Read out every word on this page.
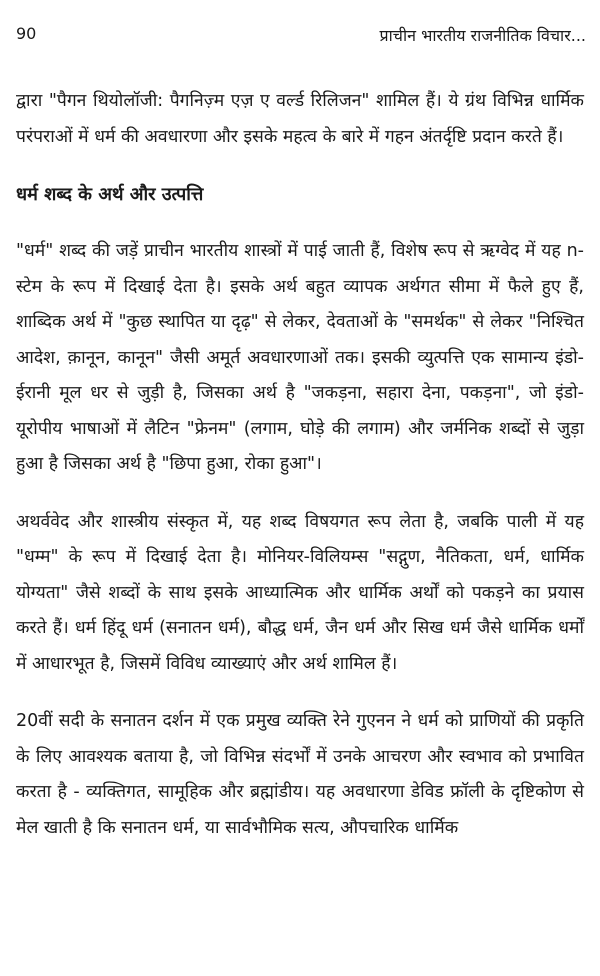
90	प्राचीन भारतीय राजनीतिक विचार...

द्वारा "पैगन थियोलॉजी: पैगनिज़्म एज़ ए वर्ल्ड रिलिजन" शामिल हैं। ये ग्रंथ विभिन्न धार्मिक परंपराओं में धर्म की अवधारणा और इसके महत्व के बारे में गहन अंतर्दृष्टि प्रदान करते हैं।

धर्म शब्द के अर्थ और उत्पत्ति

"धर्म" शब्द की जड़ें प्राचीन भारतीय शास्त्रों में पाई जाती हैं, विशेष रूप से ऋग्वेद में यह n-स्टेम के रूप में दिखाई देता है। इसके अर्थ बहुत व्यापक अर्थगत सीमा में फैले हुए हैं, शाब्दिक अर्थ में "कुछ स्थापित या दृढ़" से लेकर, देवताओं के "समर्थक" से लेकर "निश्चित आदेश, क़ानून, कानून" जैसी अमूर्त अवधारणाओं तक। इसकी व्युत्पत्ति एक सामान्य इंडो-ईरानी मूल धर से जुड़ी है, जिसका अर्थ है "जकड़ना, सहारा देना, पकड़ना", जो इंडो-यूरोपीय भाषाओं में लैटिन "फ्रेनम" (लगाम, घोड़े की लगाम) और जर्मनिक शब्दों से जुड़ा हुआ है जिसका अर्थ है "छिपा हुआ, रोका हुआ"।

अथर्ववेद और शास्त्रीय संस्कृत में, यह शब्द विषयगत रूप लेता है, जबकि पाली में यह "धम्म" के रूप में दिखाई देता है। मोनियर-विलियम्स "सद्गुण, नैतिकता, धर्म, धार्मिक योग्यता" जैसे शब्दों के साथ इसके आध्यात्मिक और धार्मिक अर्थों को पकड़ने का प्रयास करते हैं। धर्म हिंदू धर्म (सनातन धर्म), बौद्ध धर्म, जैन धर्म और सिख धर्म जैसे धार्मिक धर्मों में आधारभूत है, जिसमें विविध व्याख्याएं और अर्थ शामिल हैं।

20वीं सदी के सनातन दर्शन में एक प्रमुख व्यक्ति रेने गुएनन ने धर्म को प्राणियों की प्रकृति के लिए आवश्यक बताया है, जो विभिन्न संदर्भों में उनके आचरण और स्वभाव को प्रभावित करता है - व्यक्तिगत, सामूहिक और ब्रह्मांडीय। यह अवधारणा डेविड फ्रॉली के दृष्टिकोण से मेल खाती है कि सनातन धर्म, या सार्वभौमिक सत्य, औपचारिक धार्मिक
